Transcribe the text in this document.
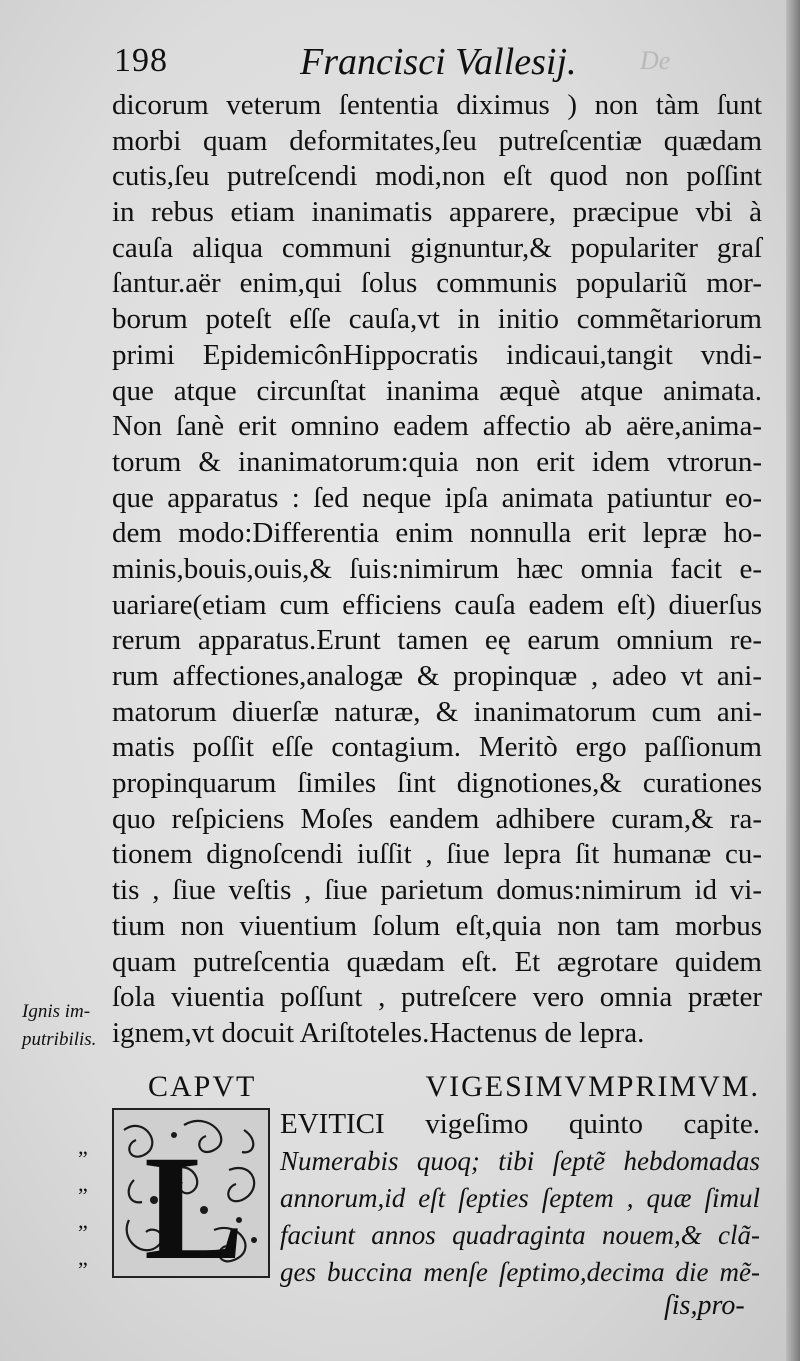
198	Francisci Vallesij. De
dicorum veterum ſententia diximus ) non tàm ſunt
morbi quam deformitates,ſeu putreſcentiæ quædam
cutis,ſeu putreſcendi modi,non eſt quod non poſſint
in rebus etiam inanimatis apparere, præcipue vbi à
cauſa aliqua communi gignuntur,& populariter graſ
ſantur.aër enim,qui ſolus communis populariũ mor-
borum poteſt eſſe cauſa,vt in initio commẽtariorum
primi EpidemicônHippocratis indicaui,tangit vndi-
que atque circunſtat inanima æquè atque animata.
Non ſanè erit omnino eadem affectio ab aëre,anima-
torum & inanimatorum:quia non erit idem vtrorun-
que apparatus : ſed neque ipſa animata patiuntur eo-
dem modo:Differentia enim nonnulla erit lepræ ho-
minis,bouis,ouis,& ſuis:nimirum hæc omnia facit e-
uariare(etiam cum efficiens cauſa eadem eſt) diuerſus
rerum apparatus.Erunt tamen eę earum omnium re-
rum affectiones,analogæ & propinquæ , adeo vt ani-
matorum diuerſæ naturæ, & inanimatorum cum ani-
matis poſſit eſſe contagium. Meritò ergo paſſionum
propinquarum ſimiles ſint dignotiones,& curationes
quo reſpiciens Moſes eandem adhibere curam,& ra-
tionem dignoſcendi iuſſit , ſiue lepra ſit humanæ cu-
tis , ſiue veſtis , ſiue parietum domus:nimirum id vi-
tium non viuentium ſolum eſt,quia non tam morbus
quam putreſcentia quædam eſt. Et ægrotare quidem
ſola viuentia poſſunt , putreſcere vero omnia præter
ignem,vt docuit Ariſtoteles.Hactenus de lepra.
Ignis im-
putribilis.
CAPVT VIGESIMVMPRIMVM.
L
„
„
„
„
EVITICI vigeſimo quinto capite.
Numerabis quoq; tibi ſeptẽ hebdomadas
annorum,id eſt ſepties ſeptem , quæ ſimul
faciunt annos quadraginta nouem,& clã-
ges buccina menſe ſeptimo,decima die mẽ-
ſis,pro-
